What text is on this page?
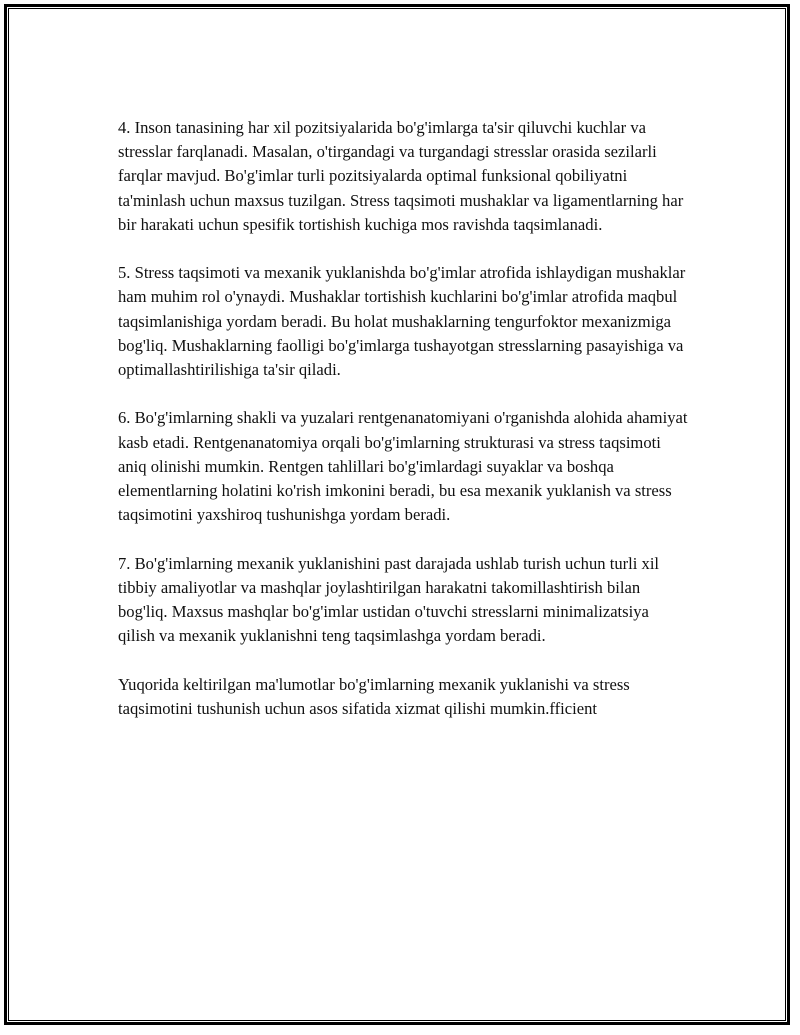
4. Inson tanasining har xil pozitsiyalarida bo'g'imlarga ta'sir qiluvchi kuchlar va stresslar farqlanadi. Masalan, o'tirgandagi va turgandagi stresslar orasida sezilarli farqlar mavjud. Bo'g'imlar turli pozitsiyalarda optimal funksional qobiliyatni ta'minlash uchun maxsus tuzilgan. Stress taqsimoti mushaklar va ligamentlarning har bir harakati uchun spesifik tortishish kuchiga mos ravishda taqsimlanadi.

5. Stress taqsimoti va mexanik yuklanishda bo'g'imlar atrofida ishlaydigan mushaklar ham muhim rol o'ynaydi. Mushaklar tortishish kuchlarini bo'g'imlar atrofida maqbul taqsimlanishiga yordam beradi. Bu holat mushaklarning tengurfoktor mexanizmiga bog'liq. Mushaklarning faolligi bo'g'imlarga tushayotgan stresslarning pasayishiga va optimallashtirilishiga ta'sir qiladi.

6. Bo'g'imlarning shakli va yuzalari rentgenanatomiyani o'rganishda alohida ahamiyat kasb etadi. Rentgenanatomiya orqali bo'g'imlarning strukturasi va stress taqsimoti aniq olinishi mumkin. Rentgen tahlillari bo'g'imlardagi suyaklar va boshqa elementlarning holatini ko'rish imkonini beradi, bu esa mexanik yuklanish va stress taqsimotini yaxshiroq tushunishga yordam beradi.

7. Bo'g'imlarning mexanik yuklanishini past darajada ushlab turish uchun turli xil tibbiy amaliyotlar va mashqlar joylashtirilgan harakatni takomillashtirish bilan bog'liq. Maxsus mashqlar bo'g'imlar ustidan o'tuvchi stresslarni minimalizatsiya qilish va mexanik yuklanishni teng taqsimlashga yordam beradi.

Yuqorida keltirilgan ma'lumotlar bo'g'imlarning mexanik yuklanishi va stress taqsimotini tushunish uchun asos sifatida xizmat qilishi mumkin.fficient
